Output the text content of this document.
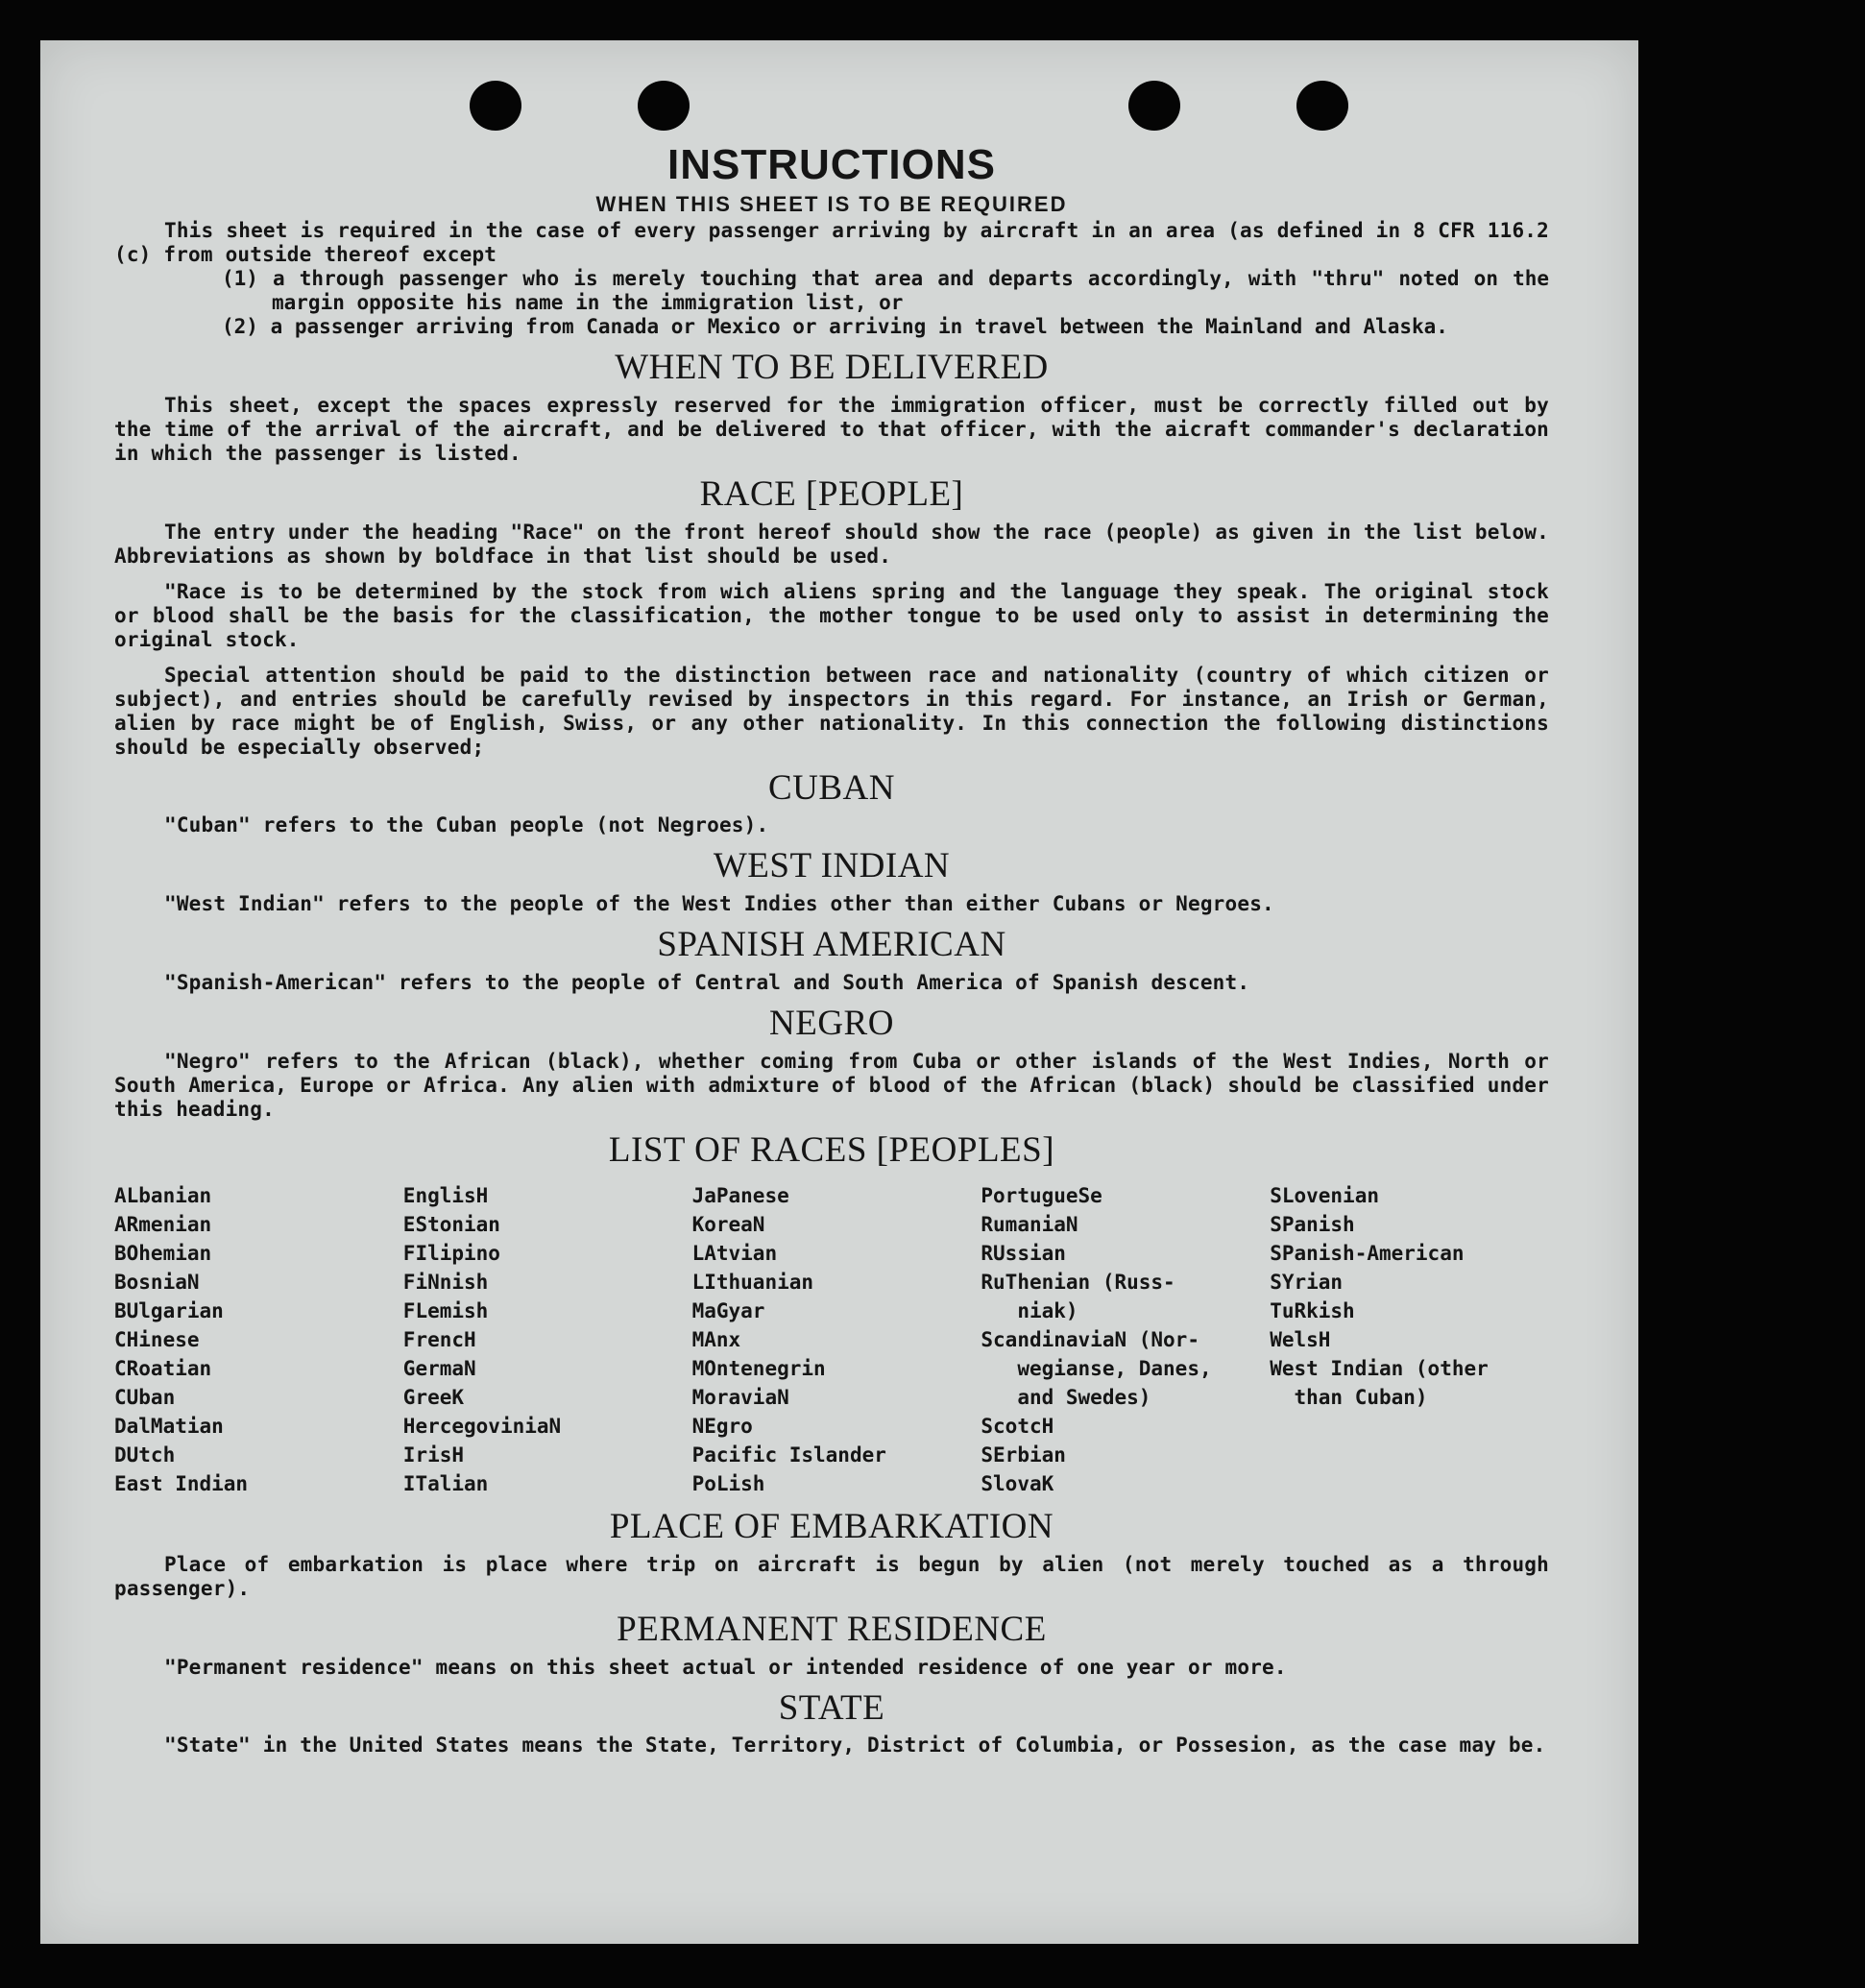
INSTRUCTIONS
WHEN THIS SHEET IS TO BE REQUIRED

This sheet is required in the case of every passenger arriving by aircraft in an area (as defined in 8 CFR 116.2 (c) from outside thereof except

(1) a through passenger who is merely touching that area and departs accordingly, with "thru" noted on the margin opposite his name in the immigration list, or

(2) a passenger arriving from Canada or Mexico or arriving in travel between the Mainland and Alaska.

WHEN TO BE DELIVERED

This sheet, except the spaces expressly reserved for the immigration officer, must be correctly filled out by the time of the arrival of the aircraft, and be delivered to that officer, with the aicraft commander's declaration in which the passenger is listed.

RACE [PEOPLE]

The entry under the heading "Race" on the front hereof should show the race (people) as given in the list below. Abbreviations as shown by boldface in that list should be used.

"Race is to be determined by the stock from wich aliens spring and the language they speak. The original stock or blood shall be the basis for the classification, the mother tongue to be used only to assist in determining the original stock.

Special attention should be paid to the distinction between race and nationality (country of which citizen or subject), and entries should be carefully revised by inspectors in this regard. For instance, an Irish or German, alien by race might be of English, Swiss, or any other nationality. In this connection the following distinctions should be especially observed;

CUBAN

"Cuban" refers to the Cuban people (not Negroes).

WEST INDIAN

"West Indian" refers to the people of the West Indies other than either Cubans or Negroes.

SPANISH AMERICAN

"Spanish-American" refers to the people of Central and South America of Spanish descent.

NEGRO

"Negro" refers to the African (black), whether coming from Cuba or other islands of the West Indies, North or South America, Europe or Africa. Any alien with admixture of blood of the African (black) should be classified under this heading.

LIST OF RACES [PEOPLES]
ALbanian
ARmenian
BOhemian
BosniaN
BUlgarian
CHinese
CRoatian
CUban
DalMatian
DUtch
East Indian
EnglisH
EStonian
FIlipino
FiNnish
FLemish
FrencH
GermaN
GreeK
HercegoviniaN
IrisH
ITalian
JaPanese
KoreaN
LAtvian
LIthuanian
MaGyar
MAnx
MOntenegrin
MoraviaN
NEgro
Pacific Islander
PoLish
PortugueSe
RumaniaN
RUssian
RuThenian (Russ-
niak)
ScandinaviaN (Nor-
wegianse, Danes,
and Swedes)
ScotcH
SErbian
SlovaK
SLovenian
SPanish
SPanish-American
SYrian
TuRkish
WelsH
West Indian (other
than Cuban)
PLACE OF EMBARKATION

Place of embarkation is place where trip on aircraft is begun by alien (not merely touched as a through passenger).

PERMANENT RESIDENCE

"Permanent residence" means on this sheet actual or intended residence of one year or more.

STATE

"State" in the United States means the State, Territory, District of Columbia, or Possesion, as the case may be.
